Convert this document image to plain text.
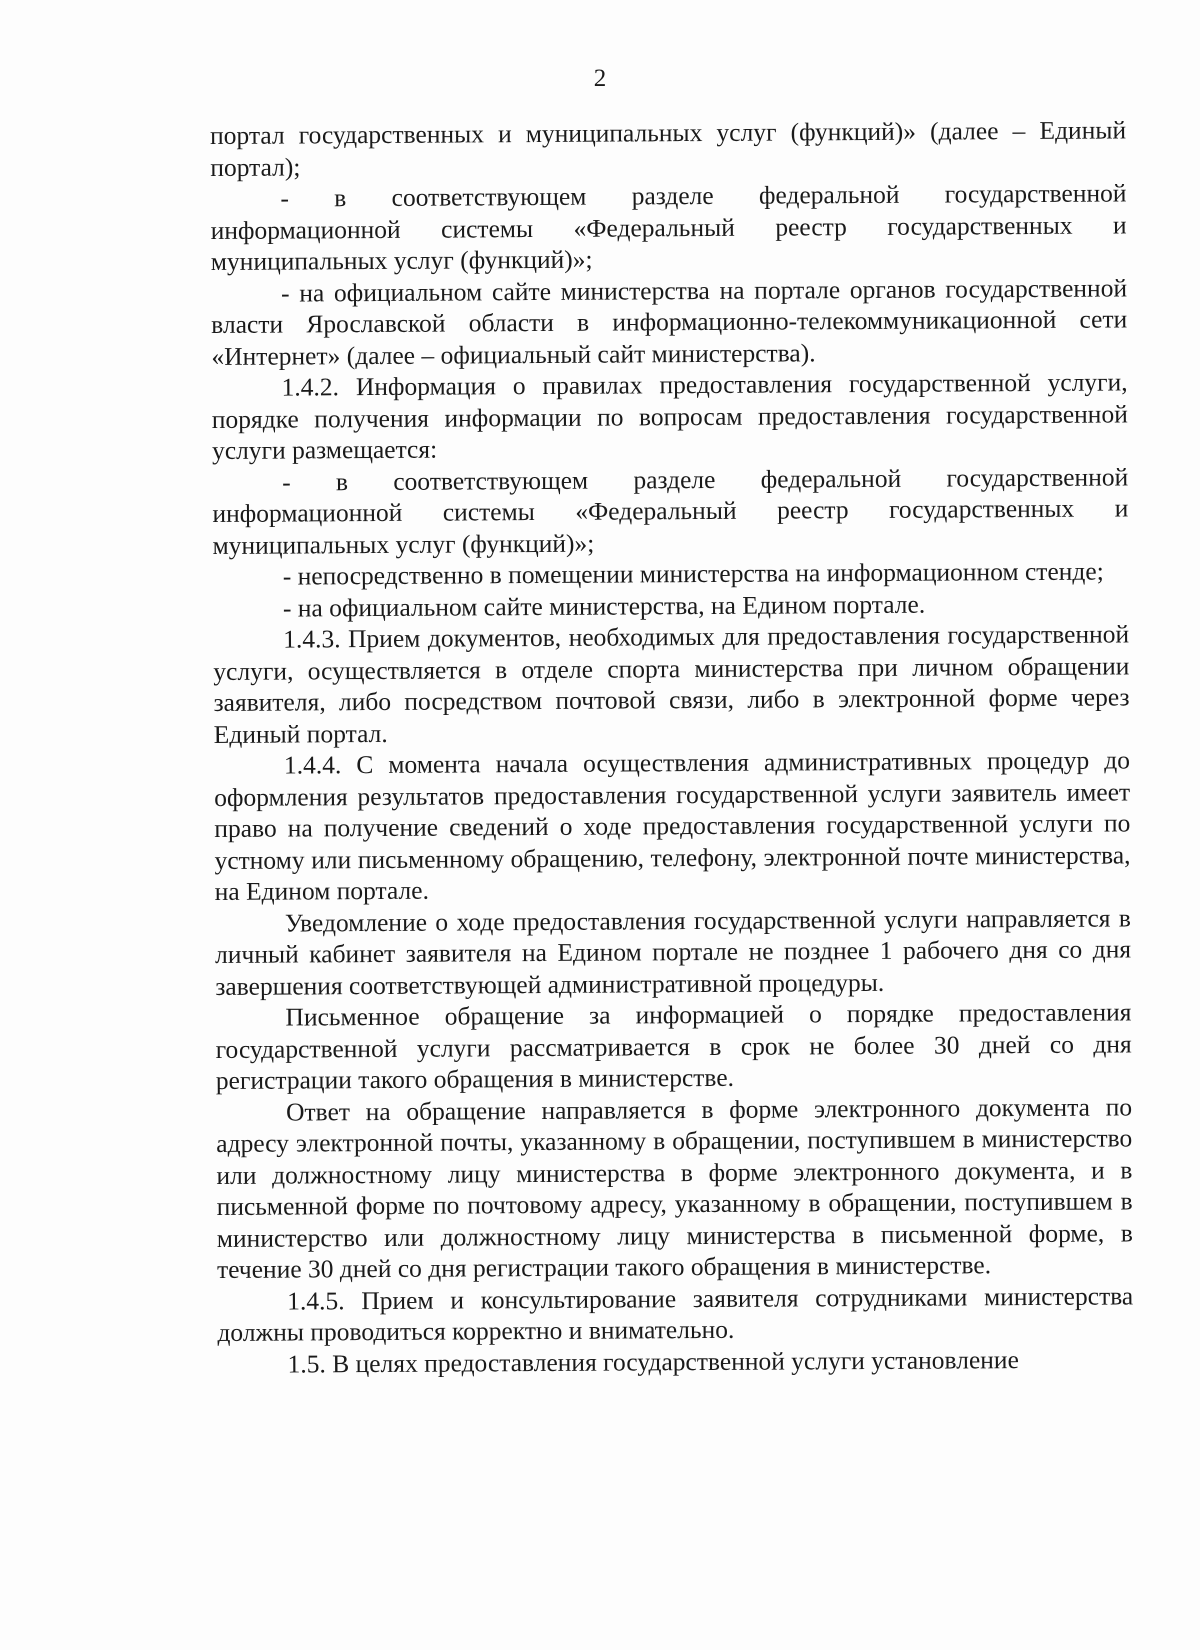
2

портал государственных и муниципальных услуг (функций)» (далее – Единый портал);

- в соответствующем разделе федеральной государственной информационной системы «Федеральный реестр государственных и муниципальных услуг (функций)»;

- на официальном сайте министерства на портале органов государственной власти Ярославской области в информационно-телекоммуникационной сети «Интернет» (далее – официальный сайт министерства).

1.4.2. Информация о правилах предоставления государственной услуги, порядке получения информации по вопросам предоставления государственной услуги размещается:

- в соответствующем разделе федеральной государственной информационной системы «Федеральный реестр государственных и муниципальных услуг (функций)»;

- непосредственно в помещении министерства на информационном стенде;

- на официальном сайте министерства, на Едином портале.

1.4.3. Прием документов, необходимых для предоставления государственной услуги, осуществляется в отделе спорта министерства при личном обращении заявителя, либо посредством почтовой связи, либо в электронной форме через Единый портал.

1.4.4. С момента начала осуществления административных процедур до оформления результатов предоставления государственной услуги заявитель имеет право на получение сведений о ходе предоставления государственной услуги по устному или письменному обращению, телефону, электронной почте министерства, на Едином портале.

Уведомление о ходе предоставления государственной услуги направляется в личный кабинет заявителя на Едином портале не позднее 1 рабочего дня со дня завершения соответствующей административной процедуры.

Письменное обращение за информацией о порядке предоставления государственной услуги рассматривается в срок не более 30 дней со дня регистрации такого обращения в министерстве.

Ответ на обращение направляется в форме электронного документа по адресу электронной почты, указанному в обращении, поступившем в министерство или должностному лицу министерства в форме электронного документа, и в письменной форме по почтовому адресу, указанному в обращении, поступившем в министерство или должностному лицу министерства в письменной форме, в течение 30 дней со дня регистрации такого обращения в министерстве.

1.4.5. Прием и консультирование заявителя сотрудниками министерства должны проводиться корректно и внимательно.

1.5. В целях предоставления государственной услуги установление
